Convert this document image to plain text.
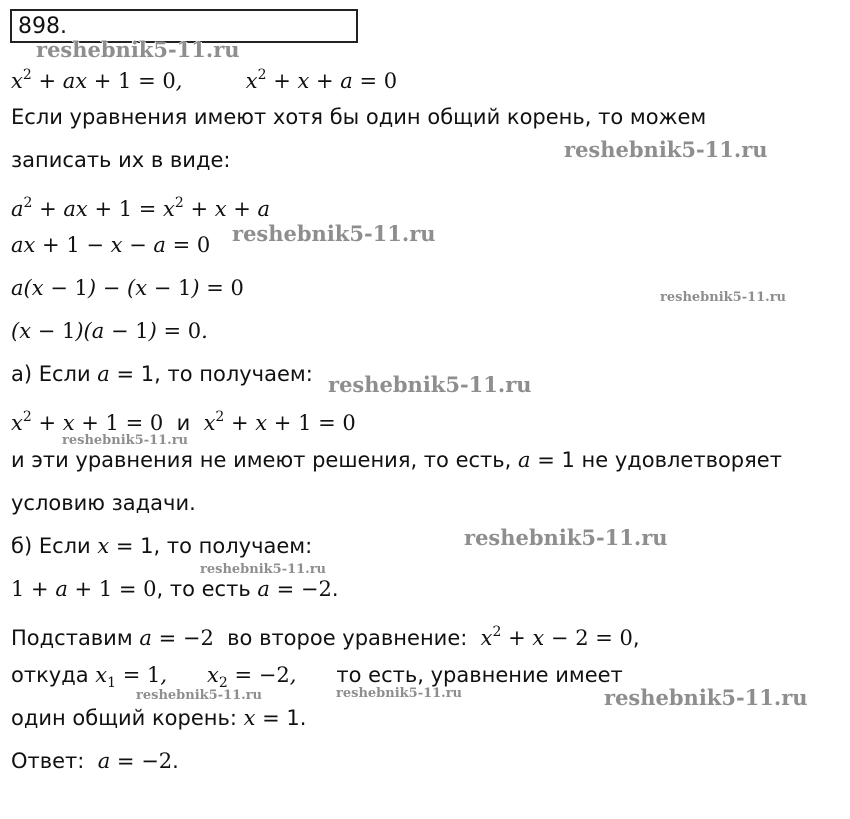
898.
$x^2$ + ax + 1 = 0,	$x^2 + x + a = 0$
Если уравнения имеют хотя бы один общий корень, то можем
записать их в виде:
$a^2$ + ax + $1 = x^2 + x + a$
ax + 1 − x − a = 0
a(x − 1) − (x − 1) = 0
(x − 1)(a − 1) = 0.
а) Если a = 1, то получаем:
$x^2 + x + 1 = 0$  и  $x^2 + x + 1 = 0$
и эти уравнения не имеют решения, то есть, a = 1 не удовлетворяет
условию задачи.
б) Если x = 1, то получаем:
1 + a + 1 = 0, то есть a = −2.
Подставим a = −2  во второе уравнение:  $x^2 + x - 2 = 0$,
откуда $x_1 = 1$, $x_2 = -2$, то есть, уравнение имеет
один общий корень: x = 1.
Ответ:  a = −2.
reshebnik5-11.ru
reshebnik5-11.ru
reshebnik5-11.ru
reshebnik5-11.ru
reshebnik5-11.ru
reshebnik5-11.ru
reshebnik5-11.ru
reshebnik5-11.ru
reshebnik5-11.ru	reshebnik5-11.ru	reshebnik5-11.ru
